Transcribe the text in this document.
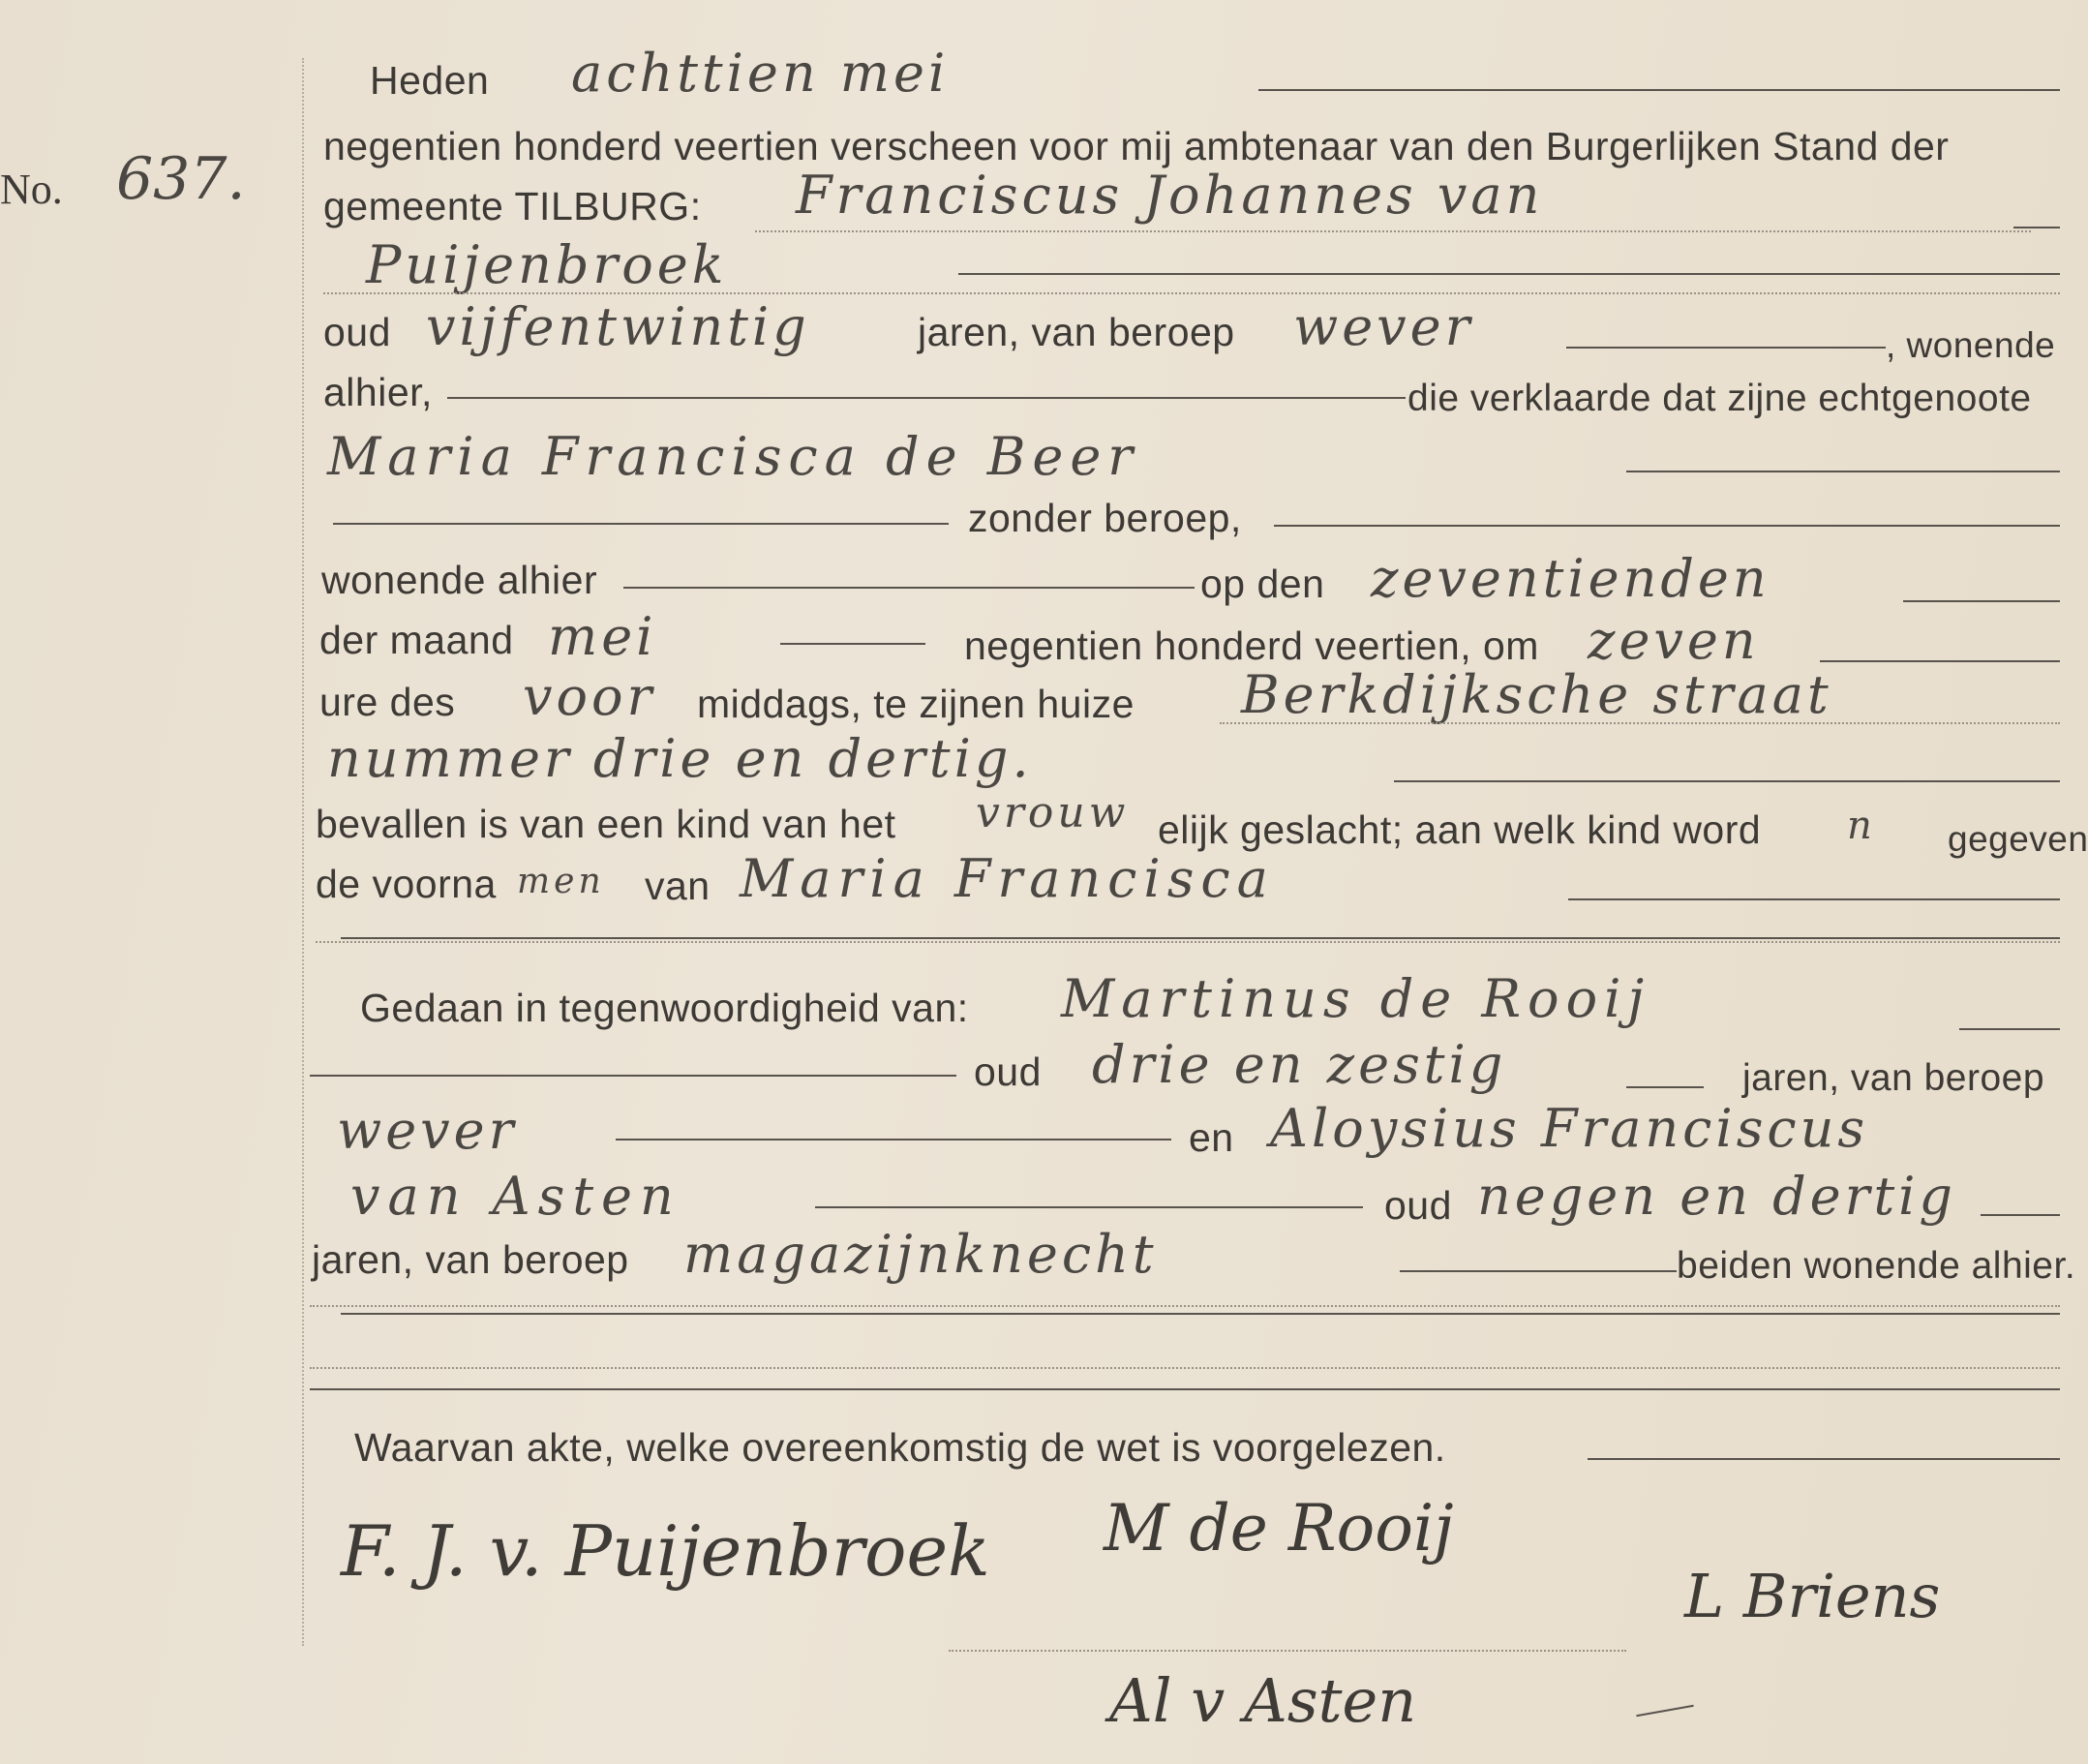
No. 637.
Heden achttien mei
negentien honderd veertien verscheen voor mij ambtenaar van den Burgerlijken Stand der
gemeente TILBURG: Franciscus Johannes van
Puijenbroek
oud vijfentwintig	jaren, van beroep wever	, wonende
alhier,	die verklaarde dat zijne echtgenoote
Maria Francisca de Beer
zonder beroep,
wonende alhier	op den zeventienden
der maand mei	negentien honderd veertien, om zeven
ure des voor middags, te zijnen huize Berkdijksche straat
nummer drie en dertig.
bevallen is van een kind van het vrouw elijk geslacht; aan welk kind word n gegeven
de voorna men van Maria Francisca
Gedaan in tegenwoordigheid van: Martinus de Rooij
oud drie en zestig	jaren, van beroep
wever	en Aloysius Franciscus
van Asten	oud negen en dertig
jaren, van beroep magazijnknecht	beiden wonende alhier.
Waarvan akte, welke overeenkomstig de wet is voorgelezen.
F. J. v. Puijenbroek M de Rooij
L Briens
Al v Asten
